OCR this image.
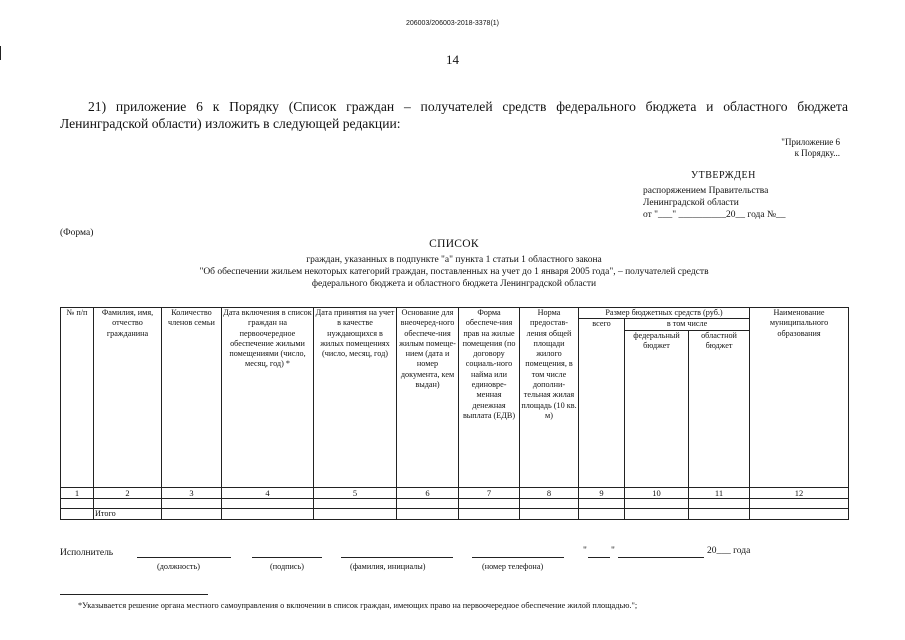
206003/206003-2018-3378(1)
14
21) приложение 6 к Порядку (Список граждан – получателей средств федерального бюджета и областного бюджета Ленинградской области) изложить в следующей редакции:
"Приложение 6
к Порядку...
УТВЕРЖДЕН
распоряжением Правительства
Ленинградской области
от "___" __________20__ года №__
(Форма)
СПИСОК
граждан, указанных в подпункте "а" пункта 1 статьи 1 областного закона
"Об обеспечении жильем некоторых категорий граждан, поставленных на учет до 1 января 2005 года", – получателей средств
федерального бюджета и областного бюджета Ленинградской области
№ п/п	Фамилия, имя, отчество гражданина	Количество членов семьи	Дата включения в список граждан на первоочередное обеспечение жилыми помещениями (число, месяц, год) *	Дата принятия на учет в качестве нуждающихся в жилых помещениях (число, месяц, год)	Основание для внеочеред-ного обеспече-ния жилым помеще-нием (дата и номер документа, кем выдан)	Форма обеспече-ния прав на жилые помещения (по договору социаль-ного найма или единовре-менная денежная выплата (ЕДВ)	Норма предостав-ления общей площади жилого помещения, в том числе дополни-тельная жилая площадь (10 кв. м)	Размер бюджетных средств (руб.)			Наименование муниципального образования
								всего	в том числе		
									федеральный бюджет	областной бюджет	
1	2	3	4	5	6	7	8	9	10	11	12

	Итого										
Исполнитель	"	"	20___ года
(должность)	(подпись)	(фамилия, инициалы)	(номер телефона)
*Указывается решение органа местного самоуправления о включении в список граждан, имеющих право на первоочередное обеспечение жилой площадью.";
